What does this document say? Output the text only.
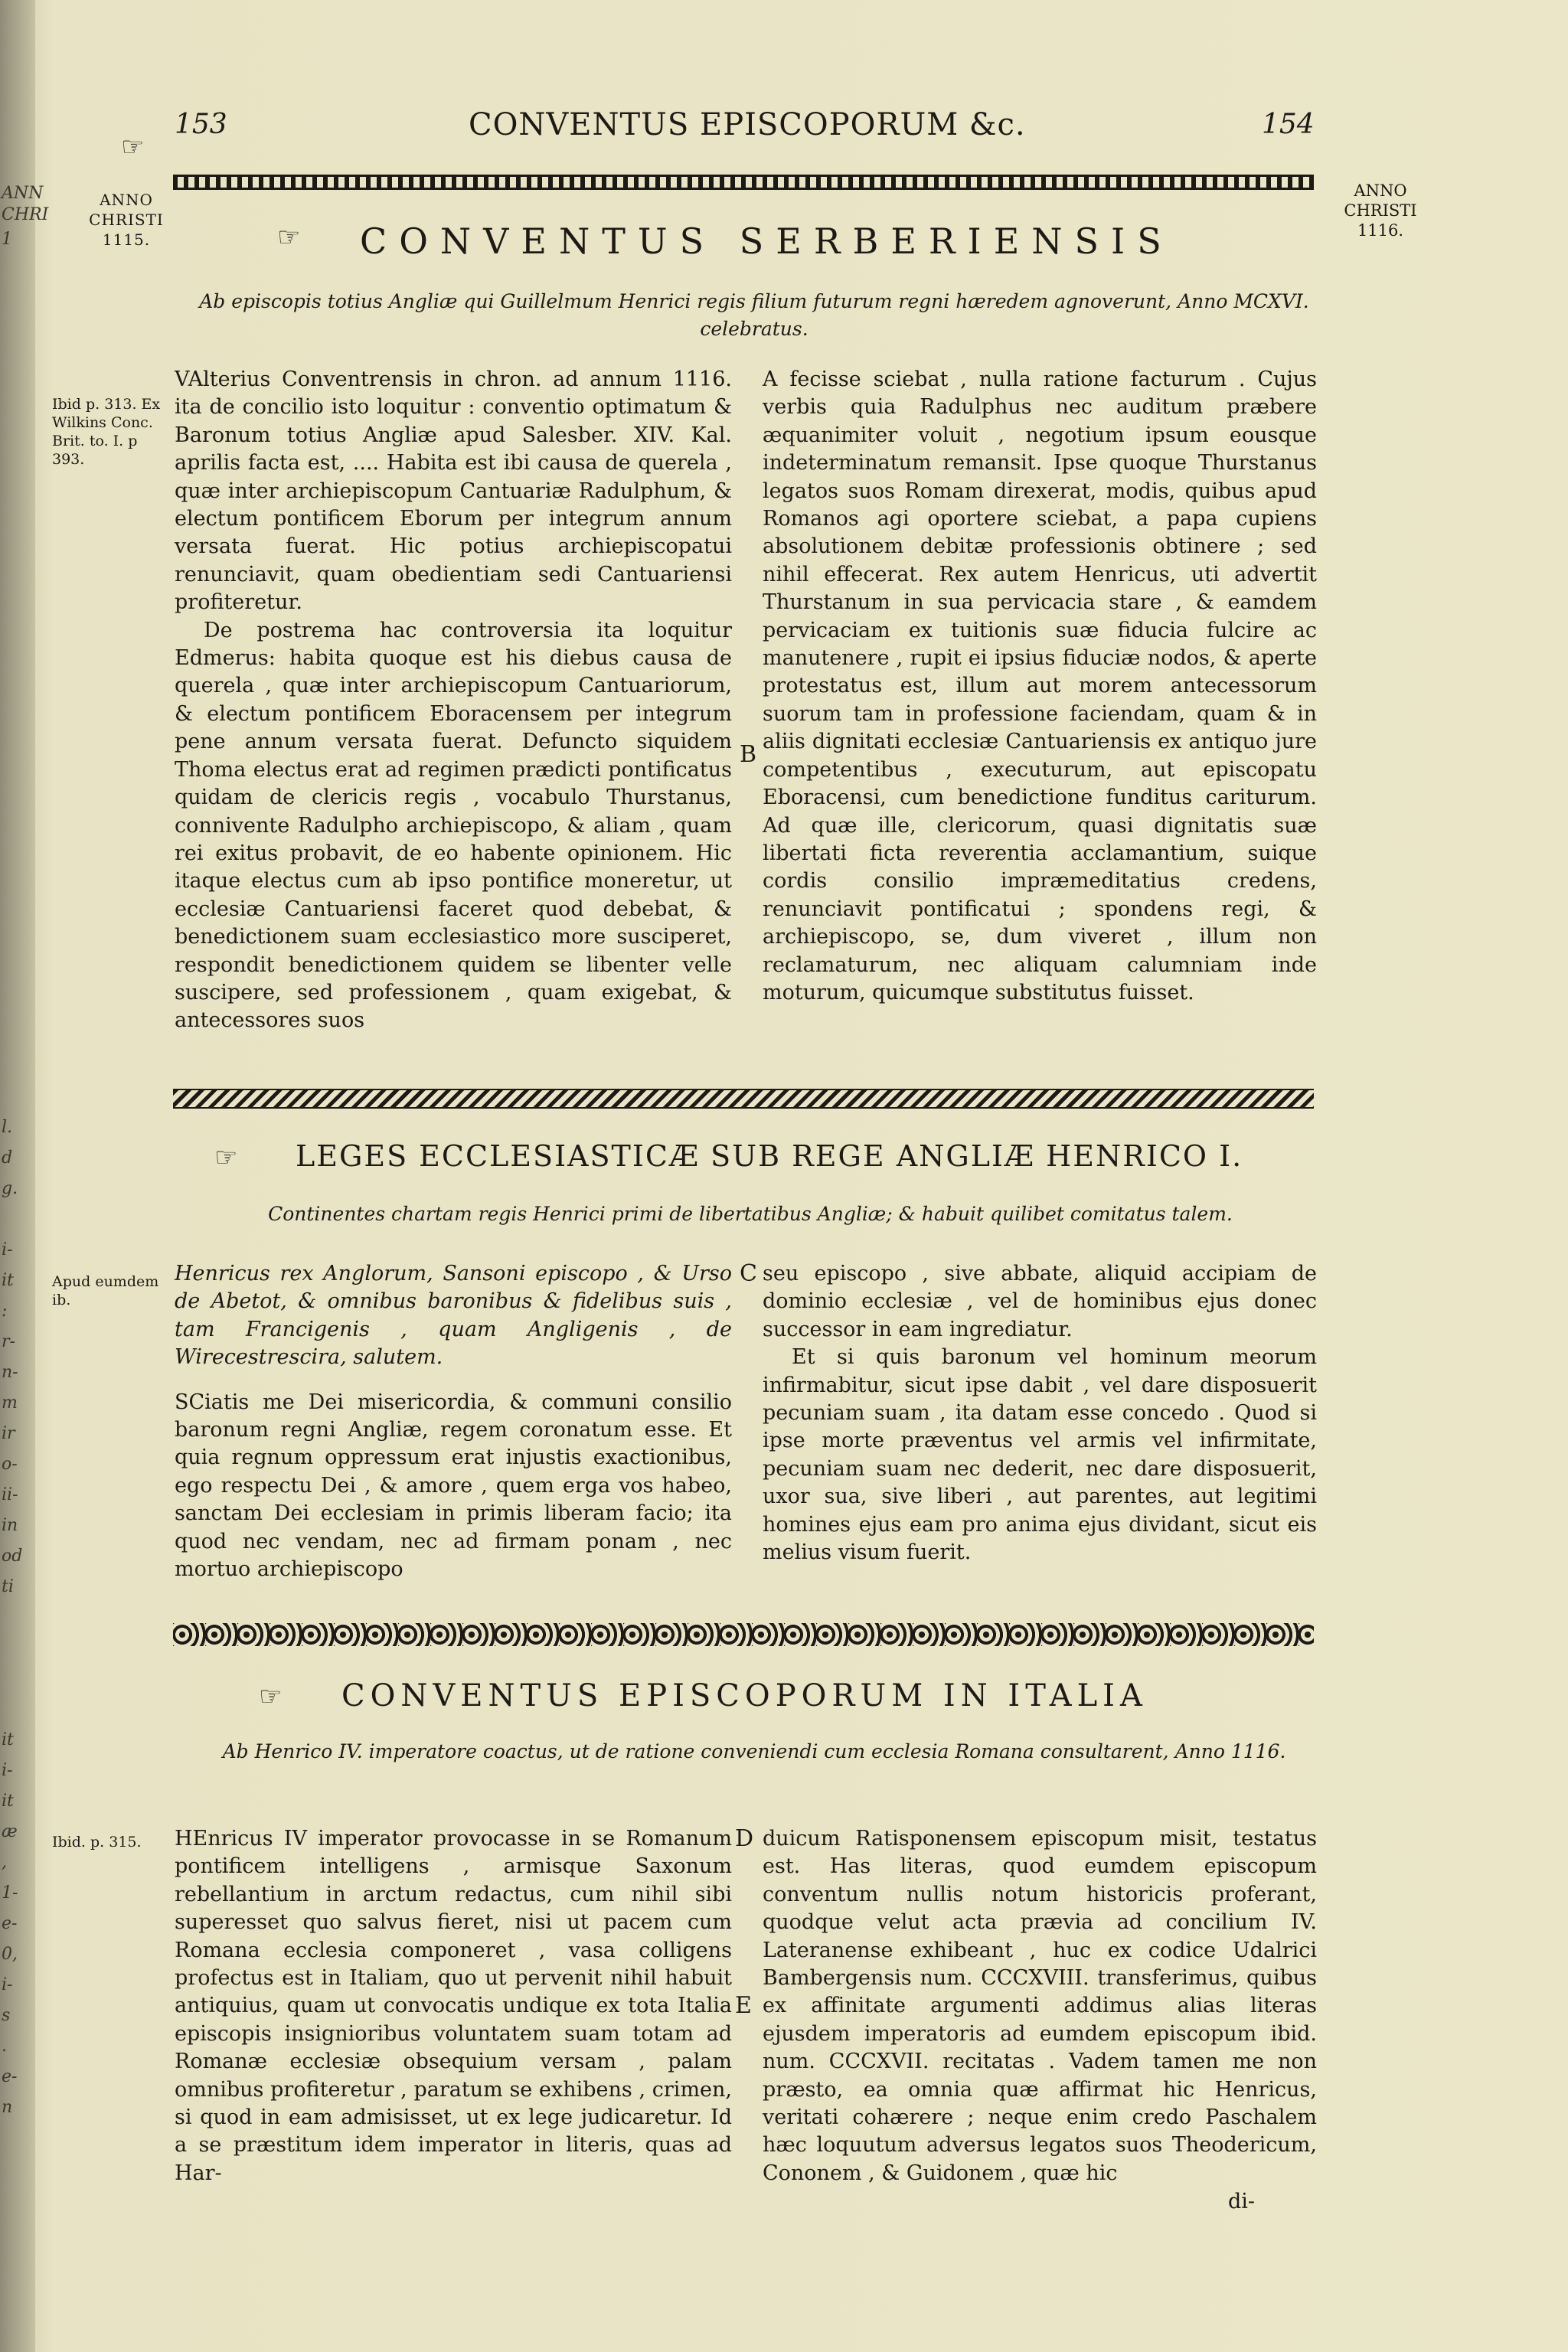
ANN
CHRI
1
l.
d
g.
i-
it
:
r-
n-
m
ir
o-
ii-
in
od
ti
it
i-
it
æ
,
1-
e-
0,
i-
s
.
e-
n
☞
153	CONVENTUS EPISCOPORUM &c.	154
ANNO CHRISTI 1115.
ANNO CHRISTI 1116.
☞ CONVENTUS SERBERIENSIS
Ab episcopis totius Angliæ qui Guillelmum Henrici regis filium futurum regni hæredem agnoverunt, Anno MCXVI. celebratus.
Ibid p. 313. Ex Wilkins Conc. Brit. to. I. p 393.

VAlterius Conventrensis in chron. ad annum 1116. ita de concilio isto loquitur : conventio optimatum & Baronum totius Angliæ apud Salesber. XIV. Kal. aprilis facta est, .... Habita est ibi causa de querela , quæ inter archiepiscopum Cantuariæ Radulphum, & electum pontificem Eborum per integrum annum versata fuerat. Hic potius archiepiscopatui renunciavit, quam obedientiam sedi Cantuariensi profiteretur.

De postrema hac controversia ita loquitur Edmerus: habita quoque est his diebus causa de querela , quæ inter archiepiscopum Cantuariorum, & electum pontificem Eboracensem per integrum pene annum versata fuerat. Defuncto siquidem Thoma electus erat ad regimen prædicti pontificatus quidam de clericis regis , vocabulo Thurstanus, connivente Radulpho archiepiscopo, & aliam , quam rei exitus probavit, de eo habente opinionem. Hic itaque electus cum ab ipso pontifice moneretur, ut ecclesiæ Cantuariensi faceret quod debebat, & benedictionem suam ecclesiastico more susciperet, respondit benedictionem quidem se libenter velle suscipere, sed professionem , quam exigebat, & antecessores suos

B

A fecisse sciebat , nulla ratione facturum . Cujus verbis quia Radulphus nec auditum præbere æquanimiter voluit , negotium ipsum eousque indeterminatum remansit. Ipse quoque Thurstanus legatos suos Romam direxerat, modis, quibus apud Romanos agi oportere sciebat, a papa cupiens absolutionem debitæ professionis obtinere ; sed nihil effecerat. Rex autem Henricus, uti advertit Thurstanum in sua pervicacia stare , & eamdem pervicaciam ex tuitionis suæ fiducia fulcire ac manutenere , rupit ei ipsius fiduciæ nodos, & aperte protestatus est, illum aut morem antecessorum suorum tam in professione faciendam, quam & in aliis dignitati ecclesiæ Cantuariensis ex antiquo jure competentibus , executurum, aut episcopatu Eboracensi, cum benedictione funditus cariturum. Ad quæ ille, clericorum, quasi dignitatis suæ libertati ficta reverentia acclamantium, suique cordis consilio impræmeditatius credens, renunciavit pontificatui ; spondens regi, & archiepiscopo, se, dum viveret , illum non reclamaturum, nec aliquam calumniam inde moturum, quicumque substitutus fuisset.

☞ LEGES ECCLESIASTICÆ SUB REGE ANGLIÆ HENRICO I.
Continentes chartam regis Henrici primi de libertatibus Angliæ; & habuit quilibet comitatus talem.
Apud eumdem ib.

Henricus rex Anglorum, Sansoni episcopo , & Urso de Abetot, & omnibus baronibus & fidelibus suis , tam Francigenis , quam Angligenis , de Wirecestrescira, salutem.

SCiatis me Dei misericordia, & communi consilio baronum regni Angliæ, regem coronatum esse. Et quia regnum oppressum erat injustis exactionibus, ego respectu Dei , & amore , quem erga vos habeo, sanctam Dei ecclesiam in primis liberam facio; ita quod nec vendam, nec ad firmam ponam , nec mortuo archiepiscopo

C seu episcopo , sive abbate, aliquid accipiam de dominio ecclesiæ , vel de hominibus ejus donec successor in eam ingrediatur.

Et si quis baronum vel hominum meorum infirmabitur, sicut ipse dabit , vel dare disposuerit pecuniam suam , ita datam esse concedo . Quod si ipse morte præventus vel armis vel infirmitate, pecuniam suam nec dederit, nec dare disposuerit, uxor sua, sive liberi , aut parentes, aut legitimi homines ejus eam pro anima ejus dividant, sicut eis melius visum fuerit.

☞ CONVENTUS EPISCOPORUM IN ITALIA
Ab Henrico IV. imperatore coactus, ut de ratione conveniendi cum ecclesia Romana consultarent, Anno 1116.
Ibid. p. 315.	HEnricus IV imperator provocasse in se Romanum pontificem intelligens , armisque Saxonum rebellantium in arctum redactus, cum nihil sibi superesset quo salvus fieret, nisi ut pacem cum Romana ecclesia componeret , vasa colligens profectus est in Italiam, quo ut pervenit nihil habuit antiquius, quam ut convocatis undique ex tota Italia episcopis insignioribus voluntatem suam totam ad Romanæ ecclesiæ obsequium versam , palam omnibus profiteretur , paratum se exhibens , crimen, si quod in eam admisisset, ut ex lege judicaretur. Id a se præstitum idem imperator in literis, quas ad Har-

D
E

duicum Ratisponensem episcopum misit, testatus est. Has literas, quod eumdem episcopum conventum nullis notum historicis proferant, quodque velut acta prævia ad concilium IV. Lateranense exhibeant , huc ex codice Udalrici Bambergensis num. CCCXVIII. transferimus, quibus ex affinitate argumenti addimus alias literas ejusdem imperatoris ad eumdem episcopum ibid. num. CCCXVII. recitatas . Vadem tamen me non præsto, ea omnia quæ affirmat hic Henricus, veritati cohærere ; neque enim credo Paschalem hæc loquutum adversus legatos suos Theodericum, Cononem , & Guidonem , quæ hic

di-
